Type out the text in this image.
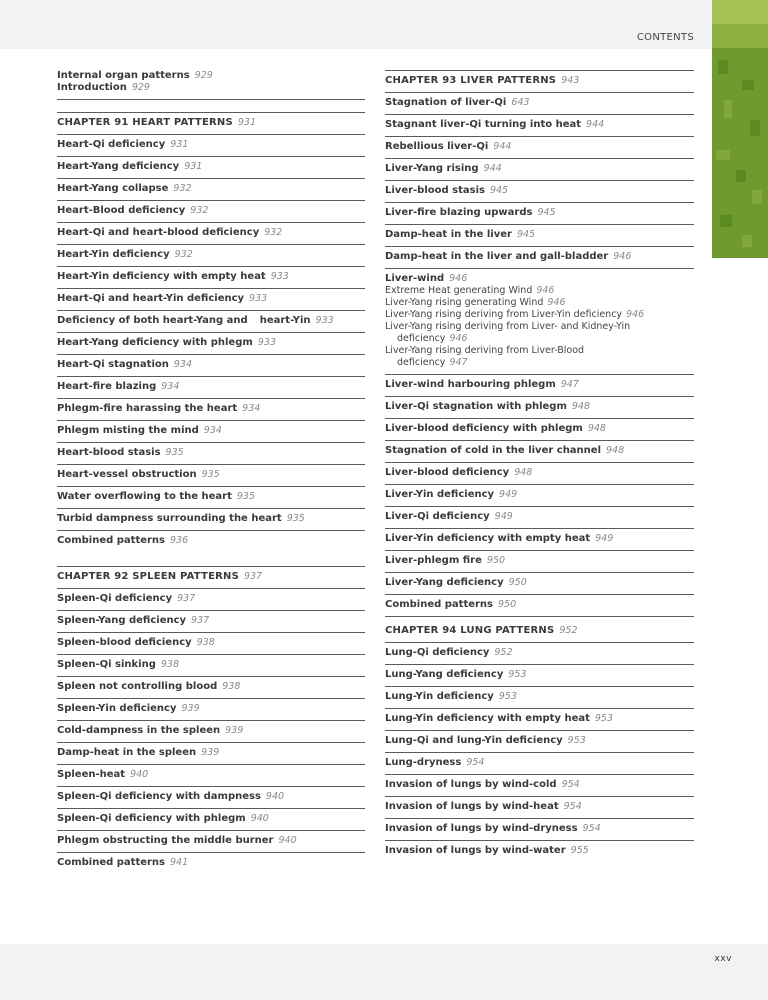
CONTENTS
Internal organ patterns 929
Introduction 929
CHAPTER 91 HEART PATTERNS 931
Heart-Qi deficiency 931
Heart-Yang deficiency 931
Heart-Yang collapse 932
Heart-Blood deficiency 932
Heart-Qi and heart-blood deficiency 932
Heart-Yin deficiency 932
Heart-Yin deficiency with empty heat 933
Heart-Qi and heart-Yin deficiency 933
Deficiency of both heart-Yang and heart-Yin 933
Heart-Yang deficiency with phlegm 933
Heart-Qi stagnation 934
Heart-fire blazing 934
Phlegm-fire harassing the heart 934
Phlegm misting the mind 934
Heart-blood stasis 935
Heart-vessel obstruction 935
Water overflowing to the heart 935
Turbid dampness surrounding the heart 935
Combined patterns 936
CHAPTER 92 SPLEEN PATTERNS 937
Spleen-Qi deficiency 937
Spleen-Yang deficiency 937
Spleen-blood deficiency 938
Spleen-Qi sinking 938
Spleen not controlling blood 938
Spleen-Yin deficiency 939
Cold-dampness in the spleen 939
Damp-heat in the spleen 939
Spleen-heat 940
Spleen-Qi deficiency with dampness 940
Spleen-Qi deficiency with phlegm 940
Phlegm obstructing the middle burner 940
Combined patterns 941
CHAPTER 93 LIVER PATTERNS 943
Stagnation of liver-Qi 643
Stagnant liver-Qi turning into heat 944
Rebellious liver-Qi 944
Liver-Yang rising 944
Liver-blood stasis 945
Liver-fire blazing upwards 945
Damp-heat in the liver 945
Damp-heat in the liver and gall-bladder 946
Liver-wind 946
Extreme Heat generating Wind 946
Liver-Yang rising generating Wind 946
Liver-Yang rising deriving from Liver-Yin deficiency 946
Liver-Yang rising deriving from Liver- and Kidney-Yin
deficiency 946
Liver-Yang rising deriving from Liver-Blood
deficiency 947
Liver-wind harbouring phlegm 947
Liver-Qi stagnation with phlegm 948
Liver-blood deficiency with phlegm 948
Stagnation of cold in the liver channel 948
Liver-blood deficiency 948
Liver-Yin deficiency 949
Liver-Qi deficiency 949
Liver-Yin deficiency with empty heat 949
Liver-phlegm fire 950
Liver-Yang deficiency 950
Combined patterns 950
CHAPTER 94 LUNG PATTERNS 952
Lung-Qi deficiency 952
Lung-Yang deficiency 953
Lung-Yin deficiency 953
Lung-Yin deficiency with empty heat 953
Lung-Qi and lung-Yin deficiency 953
Lung-dryness 954
Invasion of lungs by wind-cold 954
Invasion of lungs by wind-heat 954
Invasion of lungs by wind-dryness 954
Invasion of lungs by wind-water 955
xxv
